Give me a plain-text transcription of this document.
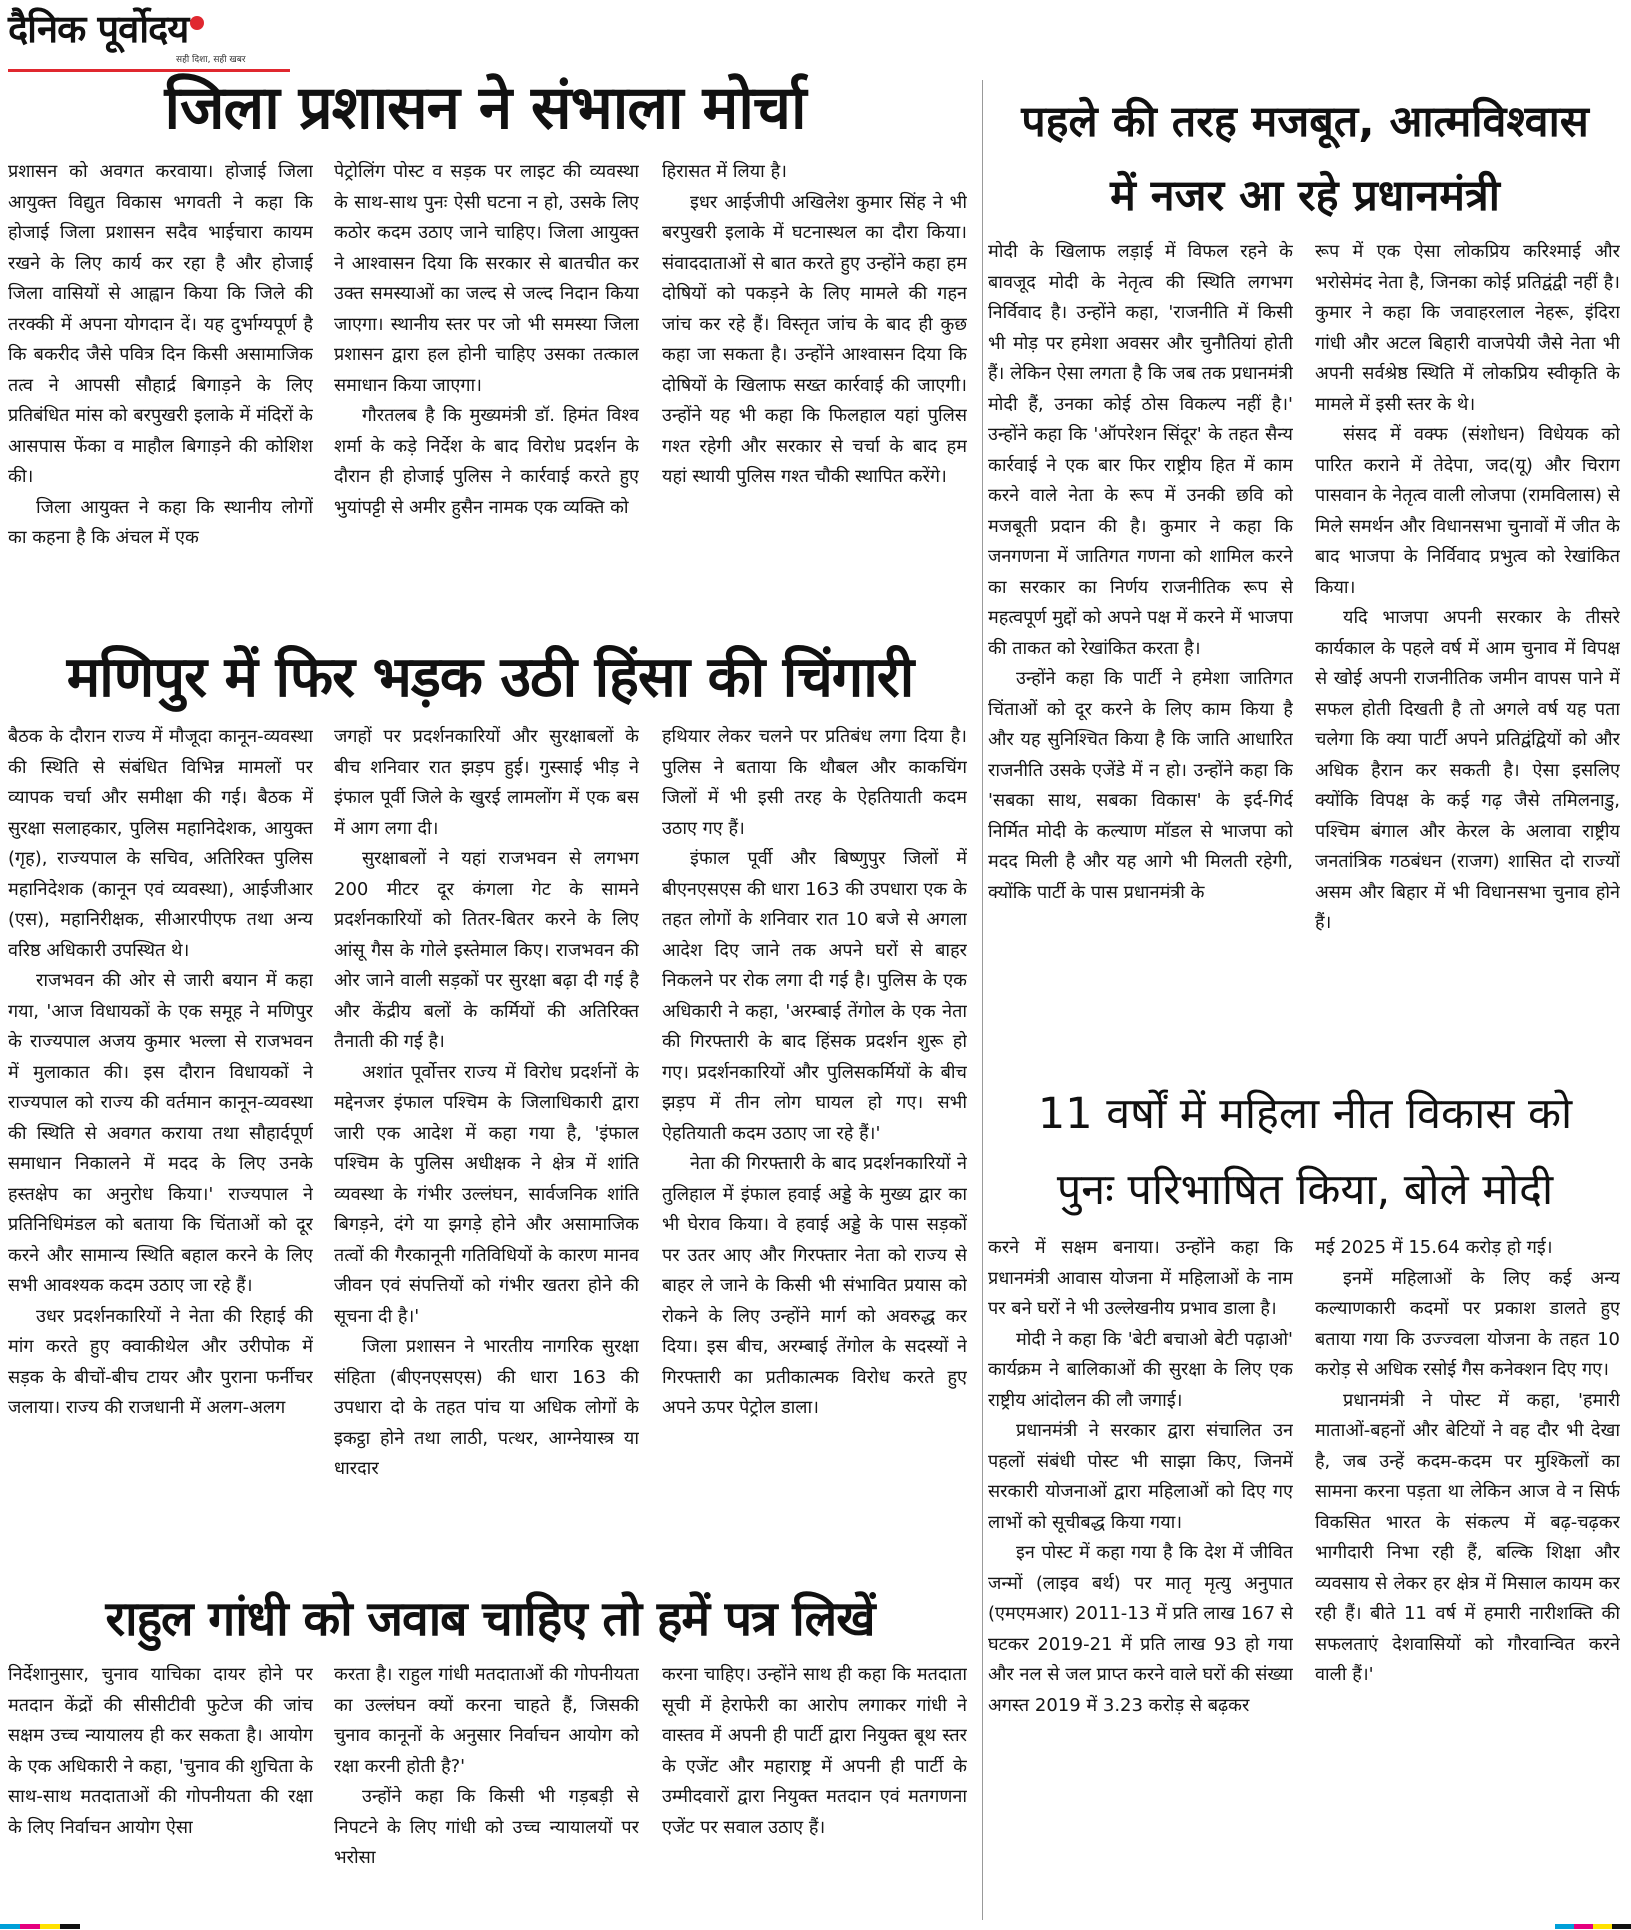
दैनिक पूर्वोदय
सही दिशा, सही खबर
जिला प्रशासन ने संभाला मोर्चा

प्रशासन को अवगत करवाया। होजाई जिला आयुक्त विद्युत विकास भगवती ने कहा कि होजाई जिला प्रशासन सदैव भाईचारा कायम रखने के लिए कार्य कर रहा है और होजाई जिला वासियों से आह्वान किया कि जिले की तरक्की में अपना योगदान दें। यह दुर्भाग्यपूर्ण है कि बकरीद जैसे पवित्र दिन किसी असामाजिक तत्व ने आपसी सौहार्द्र बिगाड़ने के लिए प्रतिबंधित मांस को बरपुखरी इलाके में मंदिरों के आसपास फेंका व माहौल बिगाड़ने की कोशिश की।

जिला आयुक्त ने कहा कि स्थानीय लोगों का कहना है कि अंचल में एक

पेट्रोलिंग पोस्ट व सड़क पर लाइट की व्यवस्था के साथ-साथ पुनः ऐसी घटना न हो, उसके लिए कठोर कदम उठाए जाने चाहिए। जिला आयुक्त ने आश्वासन दिया कि सरकार से बातचीत कर उक्त समस्याओं का जल्द से जल्द निदान किया जाएगा। स्थानीय स्तर पर जो भी समस्या जिला प्रशासन द्वारा हल होनी चाहिए उसका तत्काल समाधान किया जाएगा।

गौरतलब है कि मुख्यमंत्री डॉ. हिमंत विश्व शर्मा के कड़े निर्देश के बाद विरोध प्रदर्शन के दौरान ही होजाई पुलिस ने कार्रवाई करते हुए भुयांपट्टी से अमीर हुसैन नामक एक व्यक्ति को

हिरासत में लिया है।

इधर आईजीपी अखिलेश कुमार सिंह ने भी बरपुखरी इलाके में घटनास्थल का दौरा किया। संवाददाताओं से बात करते हुए उन्होंने कहा हम दोषियों को पकड़ने के लिए मामले की गहन जांच कर रहे हैं। विस्तृत जांच के बाद ही कुछ कहा जा सकता है। उन्होंने आश्वासन दिया कि दोषियों के खिलाफ सख्त कार्रवाई की जाएगी। उन्होंने यह भी कहा कि फिलहाल यहां पुलिस गश्त रहेगी और सरकार से चर्चा के बाद हम यहां स्थायी पुलिस गश्त चौकी स्थापित करेंगे।

मणिपुर में फिर भड़क उठी हिंसा की चिंगारी

बैठक के दौरान राज्य में मौजूदा कानून-व्यवस्था की स्थिति से संबंधित विभिन्न मामलों पर व्यापक चर्चा और समीक्षा की गई। बैठक में सुरक्षा सलाहकार, पुलिस महानिदेशक, आयुक्त (गृह), राज्यपाल के सचिव, अतिरिक्त पुलिस महानिदेशक (कानून एवं व्यवस्था), आईजीआर (एस), महानिरीक्षक, सीआरपीएफ तथा अन्य वरिष्ठ अधिकारी उपस्थित थे।

राजभवन की ओर से जारी बयान में कहा गया, 'आज विधायकों के एक समूह ने मणिपुर के राज्यपाल अजय कुमार भल्ला से राजभवन में मुलाकात की। इस दौरान विधायकों ने राज्यपाल को राज्य की वर्तमान कानून-व्यवस्था की स्थिति से अवगत कराया तथा सौहार्दपूर्ण समाधान निकालने में मदद के लिए उनके हस्तक्षेप का अनुरोध किया।' राज्यपाल ने प्रतिनिधिमंडल को बताया कि चिंताओं को दूर करने और सामान्य स्थिति बहाल करने के लिए सभी आवश्यक कदम उठाए जा रहे हैं।

उधर प्रदर्शनकारियों ने नेता की रिहाई की मांग करते हुए क्वाकीथेल और उरीपोक में सड़क के बीचों-बीच टायर और पुराना फर्नीचर जलाया। राज्य की राजधानी में अलग-अलग

जगहों पर प्रदर्शनकारियों और सुरक्षाबलों के बीच शनिवार रात झड़प हुई। गुस्साई भीड़ ने इंफाल पूर्वी जिले के खुरई लामलोंग में एक बस में आग लगा दी।

सुरक्षाबलों ने यहां राजभवन से लगभग 200 मीटर दूर कंगला गेट के सामने प्रदर्शनकारियों को तितर-बितर करने के लिए आंसू गैस के गोले इस्तेमाल किए। राजभवन की ओर जाने वाली सड़कों पर सुरक्षा बढ़ा दी गई है और केंद्रीय बलों के कर्मियों की अतिरिक्त तैनाती की गई है।

अशांत पूर्वोत्तर राज्य में विरोध प्रदर्शनों के मद्देनजर इंफाल पश्चिम के जिलाधिकारी द्वारा जारी एक आदेश में कहा गया है, 'इंफाल पश्चिम के पुलिस अधीक्षक ने क्षेत्र में शांति व्यवस्था के गंभीर उल्लंघन, सार्वजनिक शांति बिगड़ने, दंगे या झगड़े होने और असामाजिक तत्वों की गैरकानूनी गतिविधियों के कारण मानव जीवन एवं संपत्तियों को गंभीर खतरा होने की सूचना दी है।'

जिला प्रशासन ने भारतीय नागरिक सुरक्षा संहिता (बीएनएसएस) की धारा 163 की उपधारा दो के तहत पांच या अधिक लोगों के इकट्ठा होने तथा लाठी, पत्थर, आग्नेयास्त्र या धारदार

हथियार लेकर चलने पर प्रतिबंध लगा दिया है। पुलिस ने बताया कि थौबल और काकचिंग जिलों में भी इसी तरह के ऐहतियाती कदम उठाए गए हैं।

इंफाल पूर्वी और बिष्णुपुर जिलों में बीएनएसएस की धारा 163 की उपधारा एक के तहत लोगों के शनिवार रात 10 बजे से अगला आदेश दिए जाने तक अपने घरों से बाहर निकलने पर रोक लगा दी गई है। पुलिस के एक अधिकारी ने कहा, 'अरम्बाई तेंगोल के एक नेता की गिरफ्तारी के बाद हिंसक प्रदर्शन शुरू हो गए। प्रदर्शनकारियों और पुलिसकर्मियों के बीच झड़प में तीन लोग घायल हो गए। सभी ऐहतियाती कदम उठाए जा रहे हैं।'

नेता की गिरफ्तारी के बाद प्रदर्शनकारियों ने तुलिहाल में इंफाल हवाई अड्डे के मुख्य द्वार का भी घेराव किया। वे हवाई अड्डे के पास सड़कों पर उतर आए और गिरफ्तार नेता को राज्य से बाहर ले जाने के किसी भी संभावित प्रयास को रोकने के लिए उन्होंने मार्ग को अवरुद्ध कर दिया। इस बीच, अरम्बाई तेंगोल के सदस्यों ने गिरफ्तारी का प्रतीकात्मक विरोध करते हुए अपने ऊपर पेट्रोल डाला।

राहुल गांधी को जवाब चाहिए तो हमें पत्र लिखें

निर्देशानुसार, चुनाव याचिका दायर होने पर मतदान केंद्रों की सीसीटीवी फुटेज की जांच सक्षम उच्च न्यायालय ही कर सकता है। आयोग के एक अधिकारी ने कहा, 'चुनाव की शुचिता के साथ-साथ मतदाताओं की गोपनीयता की रक्षा के लिए निर्वाचन आयोग ऐसा

करता है। राहुल गांधी मतदाताओं की गोपनीयता का उल्लंघन क्यों करना चाहते हैं, जिसकी चुनाव कानूनों के अनुसार निर्वाचन आयोग को रक्षा करनी होती है?'

उन्होंने कहा कि किसी भी गड़बड़ी से निपटने के लिए गांधी को उच्च न्यायालयों पर भरोसा

करना चाहिए। उन्होंने साथ ही कहा कि मतदाता सूची में हेराफेरी का आरोप लगाकर गांधी ने वास्तव में अपनी ही पार्टी द्वारा नियुक्त बूथ स्तर के एजेंट और महाराष्ट्र में अपनी ही पार्टी के उम्मीदवारों द्वारा नियुक्त मतदान एवं मतगणना एजेंट पर सवाल उठाए हैं।

पहले की तरह मजबूत, आत्मविश्वास
में नजर आ रहे प्रधानमंत्री

मोदी के खिलाफ लड़ाई में विफल रहने के बावजूद मोदी के नेतृत्व की स्थिति लगभग निर्विवाद है। उन्होंने कहा, 'राजनीति में किसी भी मोड़ पर हमेशा अवसर और चुनौतियां होती हैं। लेकिन ऐसा लगता है कि जब तक प्रधानमंत्री मोदी हैं, उनका कोई ठोस विकल्प नहीं है।' उन्होंने कहा कि 'ऑपरेशन सिंदूर' के तहत सैन्य कार्रवाई ने एक बार फिर राष्ट्रीय हित में काम करने वाले नेता के रूप में उनकी छवि को मजबूती प्रदान की है। कुमार ने कहा कि जनगणना में जातिगत गणना को शामिल करने का सरकार का निर्णय राजनीतिक रूप से महत्वपूर्ण मुद्दों को अपने पक्ष में करने में भाजपा की ताकत को रेखांकित करता है।

उन्होंने कहा कि पार्टी ने हमेशा जातिगत चिंताओं को दूर करने के लिए काम किया है और यह सुनिश्चित किया है कि जाति आधारित राजनीति उसके एजेंडे में न हो। उन्होंने कहा कि 'सबका साथ, सबका विकास' के इर्द-गिर्द निर्मित मोदी के कल्याण मॉडल से भाजपा को मदद मिली है और यह आगे भी मिलती रहेगी, क्योंकि पार्टी के पास प्रधानमंत्री के

रूप में एक ऐसा लोकप्रिय करिश्माई और भरोसेमंद नेता है, जिनका कोई प्रतिद्वंद्वी नहीं है। कुमार ने कहा कि जवाहरलाल नेहरू, इंदिरा गांधी और अटल बिहारी वाजपेयी जैसे नेता भी अपनी सर्वश्रेष्ठ स्थिति में लोकप्रिय स्वीकृति के मामले में इसी स्तर के थे।

संसद में वक्फ (संशोधन) विधेयक को पारित कराने में तेदेपा, जद(यू) और चिराग पासवान के नेतृत्व वाली लोजपा (रामविलास) से मिले समर्थन और विधानसभा चुनावों में जीत के बाद भाजपा के निर्विवाद प्रभुत्व को रेखांकित किया।

यदि भाजपा अपनी सरकार के तीसरे कार्यकाल के पहले वर्ष में आम चुनाव में विपक्ष से खोई अपनी राजनीतिक जमीन वापस पाने में सफल होती दिखती है तो अगले वर्ष यह पता चलेगा कि क्या पार्टी अपने प्रतिद्वंद्वियों को और अधिक हैरान कर सकती है। ऐसा इसलिए क्योंकि विपक्ष के कई गढ़ जैसे तमिलनाडु, पश्चिम बंगाल और केरल के अलावा राष्ट्रीय जनतांत्रिक गठबंधन (राजग) शासित दो राज्यों असम और बिहार में भी विधानसभा चुनाव होने हैं।

11 वर्षों में महिला नीत विकास को
पुनः परिभाषित किया, बोले मोदी

करने में सक्षम बनाया। उन्होंने कहा कि प्रधानमंत्री आवास योजना में महिलाओं के नाम पर बने घरों ने भी उल्लेखनीय प्रभाव डाला है।

मोदी ने कहा कि 'बेटी बचाओ बेटी पढ़ाओ' कार्यक्रम ने बालिकाओं की सुरक्षा के लिए एक राष्ट्रीय आंदोलन की लौ जगाई।

प्रधानमंत्री ने सरकार द्वारा संचालित उन पहलों संबंधी पोस्ट भी साझा किए, जिनमें सरकारी योजनाओं द्वारा महिलाओं को दिए गए लाभों को सूचीबद्ध किया गया।

इन पोस्ट में कहा गया है कि देश में जीवित जन्मों (लाइव बर्थ) पर मातृ मृत्यु अनुपात (एमएमआर) 2011-13 में प्रति लाख 167 से घटकर 2019-21 में प्रति लाख 93 हो गया और नल से जल प्राप्त करने वाले घरों की संख्या अगस्त 2019 में 3.23 करोड़ से बढ़कर

मई 2025 में 15.64 करोड़ हो गई।

इनमें महिलाओं के लिए कई अन्य कल्याणकारी कदमों पर प्रकाश डालते हुए बताया गया कि उज्ज्वला योजना के तहत 10 करोड़ से अधिक रसोई गैस कनेक्शन दिए गए।

प्रधानमंत्री ने पोस्ट में कहा, 'हमारी माताओं-बहनों और बेटियों ने वह दौर भी देखा है, जब उन्हें कदम-कदम पर मुश्किलों का सामना करना पड़ता था लेकिन आज वे न सिर्फ विकसित भारत के संकल्प में बढ़-चढ़कर भागीदारी निभा रही हैं, बल्कि शिक्षा और व्यवसाय से लेकर हर क्षेत्र में मिसाल कायम कर रही हैं। बीते 11 वर्ष में हमारी नारीशक्ति की सफलताएं देशवासियों को गौरवान्वित करने वाली हैं।'
